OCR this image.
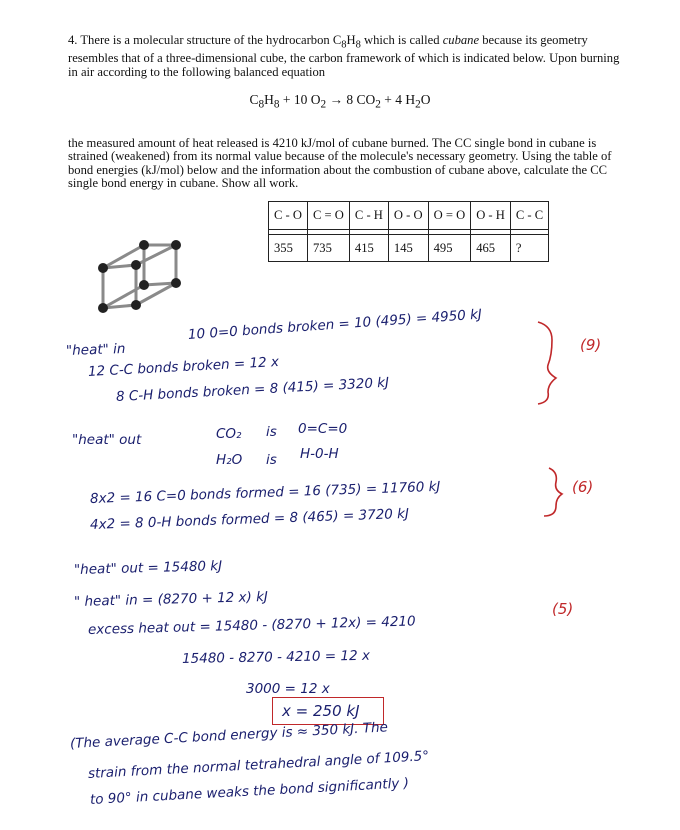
4. There is a molecular structure of the hydrocarbon $C_8H_8$ which is called cubane because its geometry resembles that of a three-dimensional cube, the carbon framework of which is indicated below. Upon burning in air according to the following balanced equation

$C_8H_8 + 10$ $O_2 \to 8$ $CO_2 + 4$ $H_2O$

the measured amount of heat released is 4210 kJ/mol of cubane burned. The CC single bond in cubane is strained (weakened) from its normal value because of the molecule's necessary geometry. Using the table of bond energies (kJ/mol) below and the information about the combustion of cubane above, calculate the CC single bond energy in cubane. Show all work.

C - O	C = O	C - H	O - O	O = O	O - H	C - C

355	735	415	145	495	465	?
"heat" in
10 0=0 bonds broken = 10 (495) = 4950 kJ
(9)
12 C-C bonds broken = 12 x
8 C-H bonds broken = 8 (415) = 3320 kJ
"heat" out	CO₂ is 0=C=0
H₂O is H-0-H
8x2 = 16 C=0 bonds formed = 16 (735) = 11760 kJ	(6)
4x2 = 8 0-H bonds formed = 8 (465) = 3720 kJ
"heat" out = 15480 kJ
" heat" in = (8270 + 12 x) kJ
excess heat out = 15480 - (8270 + 12x) = 4210
(5)
15480 - 8270 - 4210 = 12 x
3000 = 12 x
x = 250 kJ
(The average C-C bond energy is ≈ 350 kJ. The
strain from the normal tetrahedral angle of 109.5°
to 90° in cubane weaks the bond significantly )
